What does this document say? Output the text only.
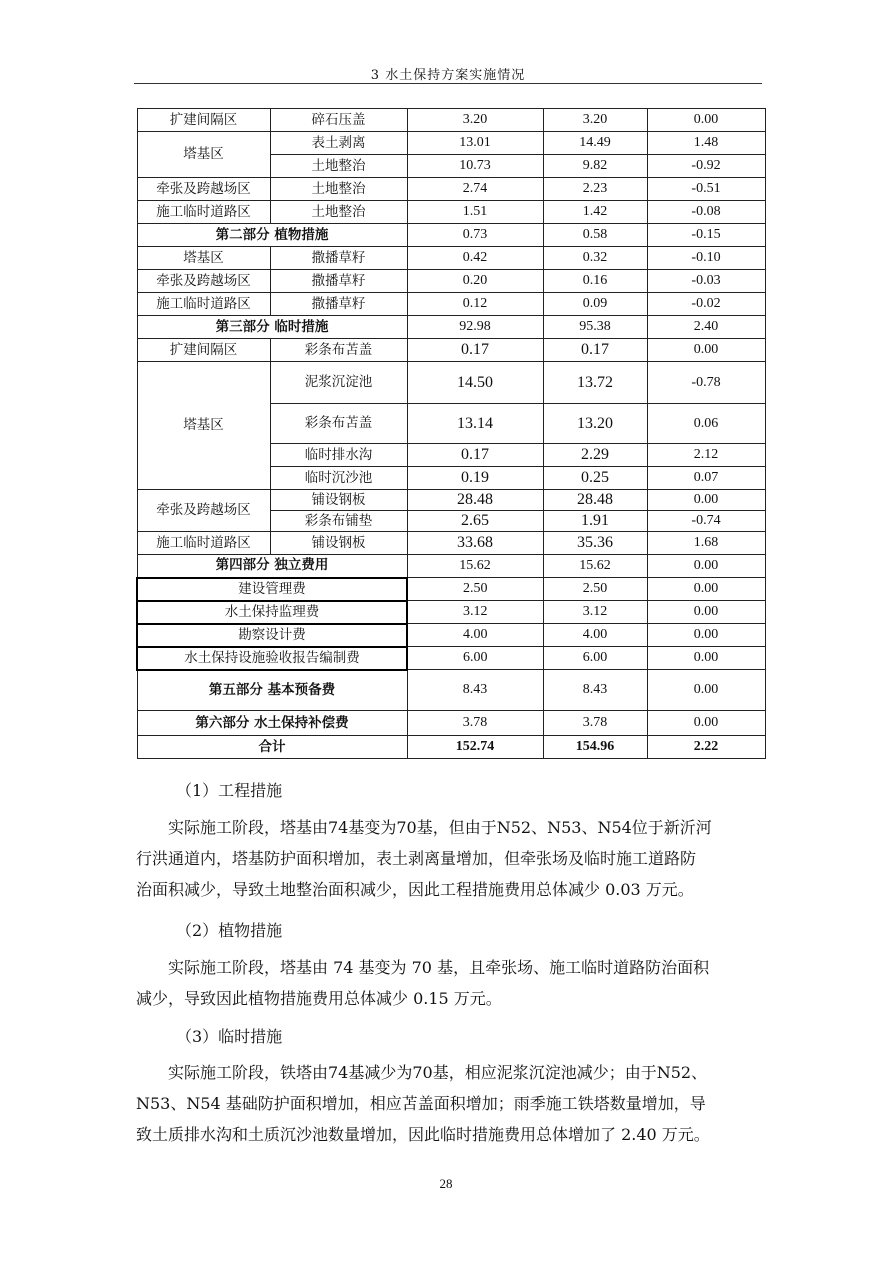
3 水土保持方案实施情况
扩建间隔区	碎石压盖	3.20	3.20	0.00
塔基区	表土剥离	13.01	14.49	1.48
	土地整治	10.73	9.82	-0.92
牵张及跨越场区	土地整治	2.74	2.23	-0.51
施工临时道路区	土地整治	1.51	1.42	-0.08
第二部分 植物措施		0.73	0.58	-0.15
塔基区	撒播草籽	0.42	0.32	-0.10
牵张及跨越场区	撒播草籽	0.20	0.16	-0.03
施工临时道路区	撒播草籽	0.12	0.09	-0.02
第三部分 临时措施		92.98	95.38	2.40
扩建间隔区	彩条布苫盖	0.17	0.17	0.00
塔基区	泥浆沉淀池	14.50	13.72	-0.78
	彩条布苫盖	13.14	13.20	0.06
	临时排水沟	0.17	2.29	2.12
	临时沉沙池	0.19	0.25	0.07
牵张及跨越场区	铺设钢板	28.48	28.48	0.00
	彩条布铺垫	2.65	1.91	-0.74
施工临时道路区	铺设钢板	33.68	35.36	1.68
第四部分 独立费用		15.62	15.62	0.00
建设管理费		2.50	2.50	0.00
水土保持监理费		3.12	3.12	0.00
勘察设计费		4.00	4.00	0.00
水土保持设施验收报告编制费		6.00	6.00	0.00
第五部分 基本预备费		8.43	8.43	0.00
第六部分 水土保持补偿费		3.78	3.78	0.00
合计		152.74	154.96	2.22
（1）工程措施
实际施工阶段，塔基由74基变为70基，但由于N52、N53、N54位于新沂河
行洪通道内，塔基防护面积增加，表土剥离量增加，但牵张场及临时施工道路防
治面积减少，导致土地整治面积减少，因此工程措施费用总体减少 0.03 万元。
（2）植物措施
实际施工阶段，塔基由 74 基变为 70 基，且牵张场、施工临时道路防治面积
减少，导致因此植物措施费用总体减少 0.15 万元。
（3）临时措施
实际施工阶段，铁塔由74基减少为70基，相应泥浆沉淀池减少；由于N52、
N53、N54 基础防护面积增加，相应苫盖面积增加；雨季施工铁塔数量增加，导
致土质排水沟和土质沉沙池数量增加，因此临时措施费用总体增加了 2.40 万元。
28
